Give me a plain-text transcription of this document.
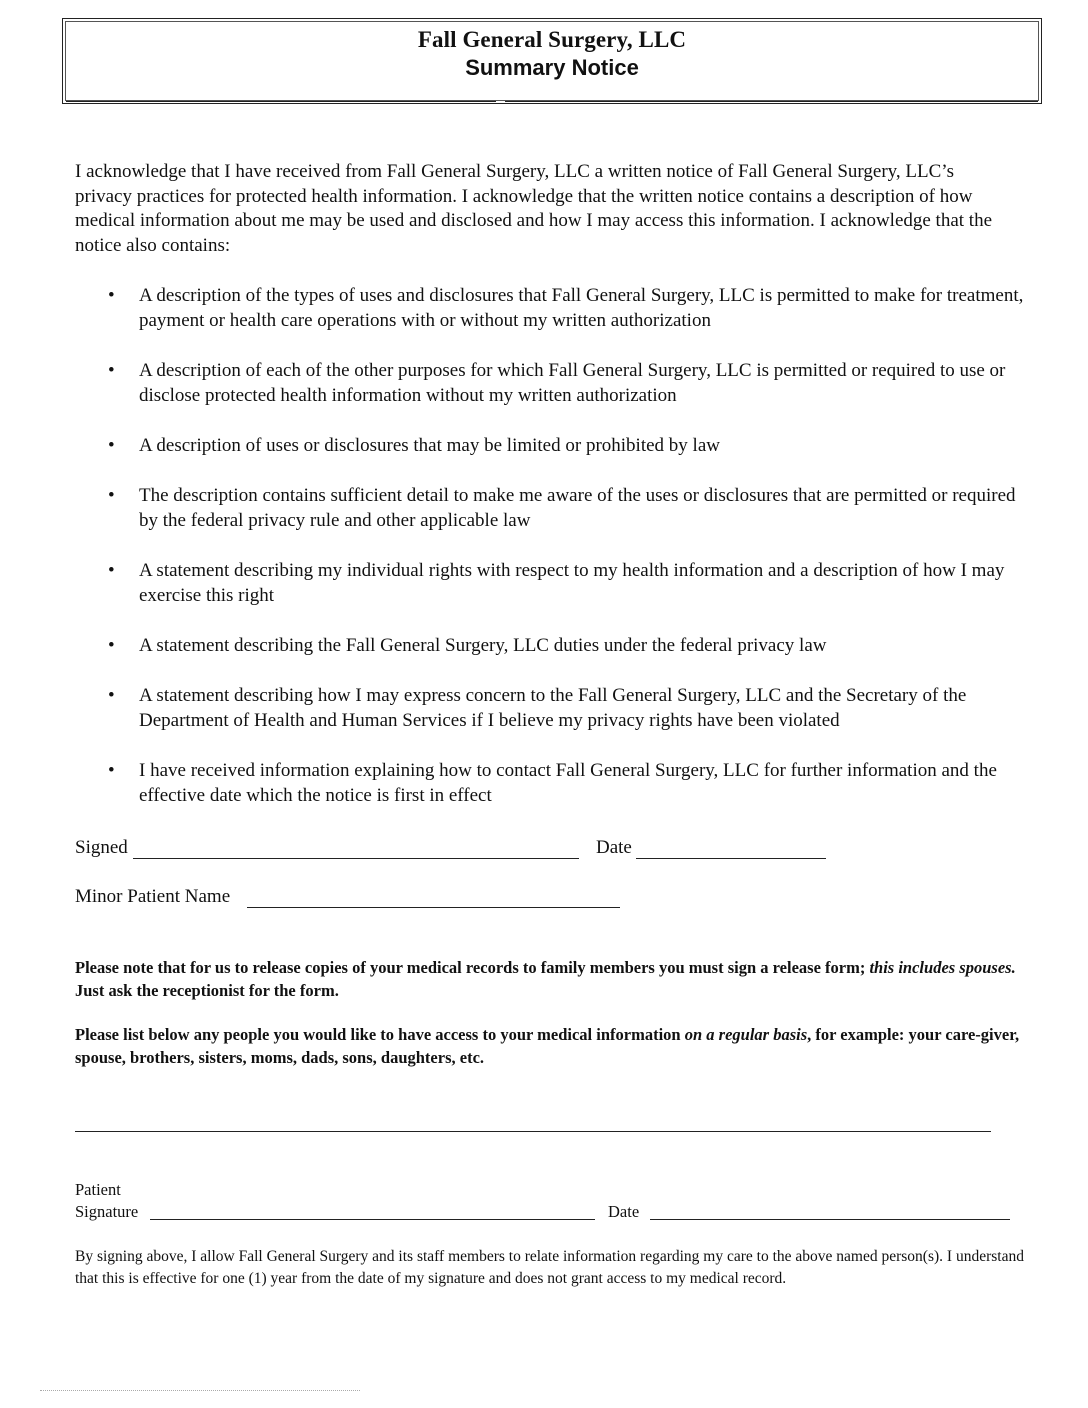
Fall General Surgery, LLC
Summary Notice
I acknowledge that I have received from Fall General Surgery, LLC a written notice of Fall General Surgery, LLC’s privacy practices for protected health information. I acknowledge that the written notice contains a description of how medical information about me may be used and disclosed and how I may access this information. I acknowledge that the notice also contains:
• A description of the types of uses and disclosures that Fall General Surgery, LLC is permitted to make for treatment, payment or health care operations with or without my written authorization
• A description of each of the other purposes for which Fall General Surgery, LLC is permitted or required to use or disclose protected health information without my written authorization
• A description of uses or disclosures that may be limited or prohibited by law
• The description contains sufficient detail to make me aware of the uses or disclosures that are permitted or required by the federal privacy rule and other applicable law
• A statement describing my individual rights with respect to my health information and a description of how I may exercise this right
• A statement describing the Fall General Surgery, LLC duties under the federal privacy law
• A statement describing how I may express concern to the Fall General Surgery, LLC and the Secretary of the Department of Health and Human Services if I believe my privacy rights have been violated
• I have received information explaining how to contact Fall General Surgery, LLC for further information and the effective date which the notice is first in effect
Signed	Date
Minor Patient Name
Please note that for us to release copies of your medical records to family members you must sign a release form; this includes spouses. Just ask the receptionist for the form.
Please list below any people you would like to have access to your medical information on a regular basis, for example: your care-giver, spouse, brothers, sisters, moms, dads, sons, daughters, etc.
Patient
Signature	Date
By signing above, I allow Fall General Surgery and its staff members to relate information regarding my care to the above named person(s). I understand that this is effective for one (1) year from the date of my signature and does not grant access to my medical record.
